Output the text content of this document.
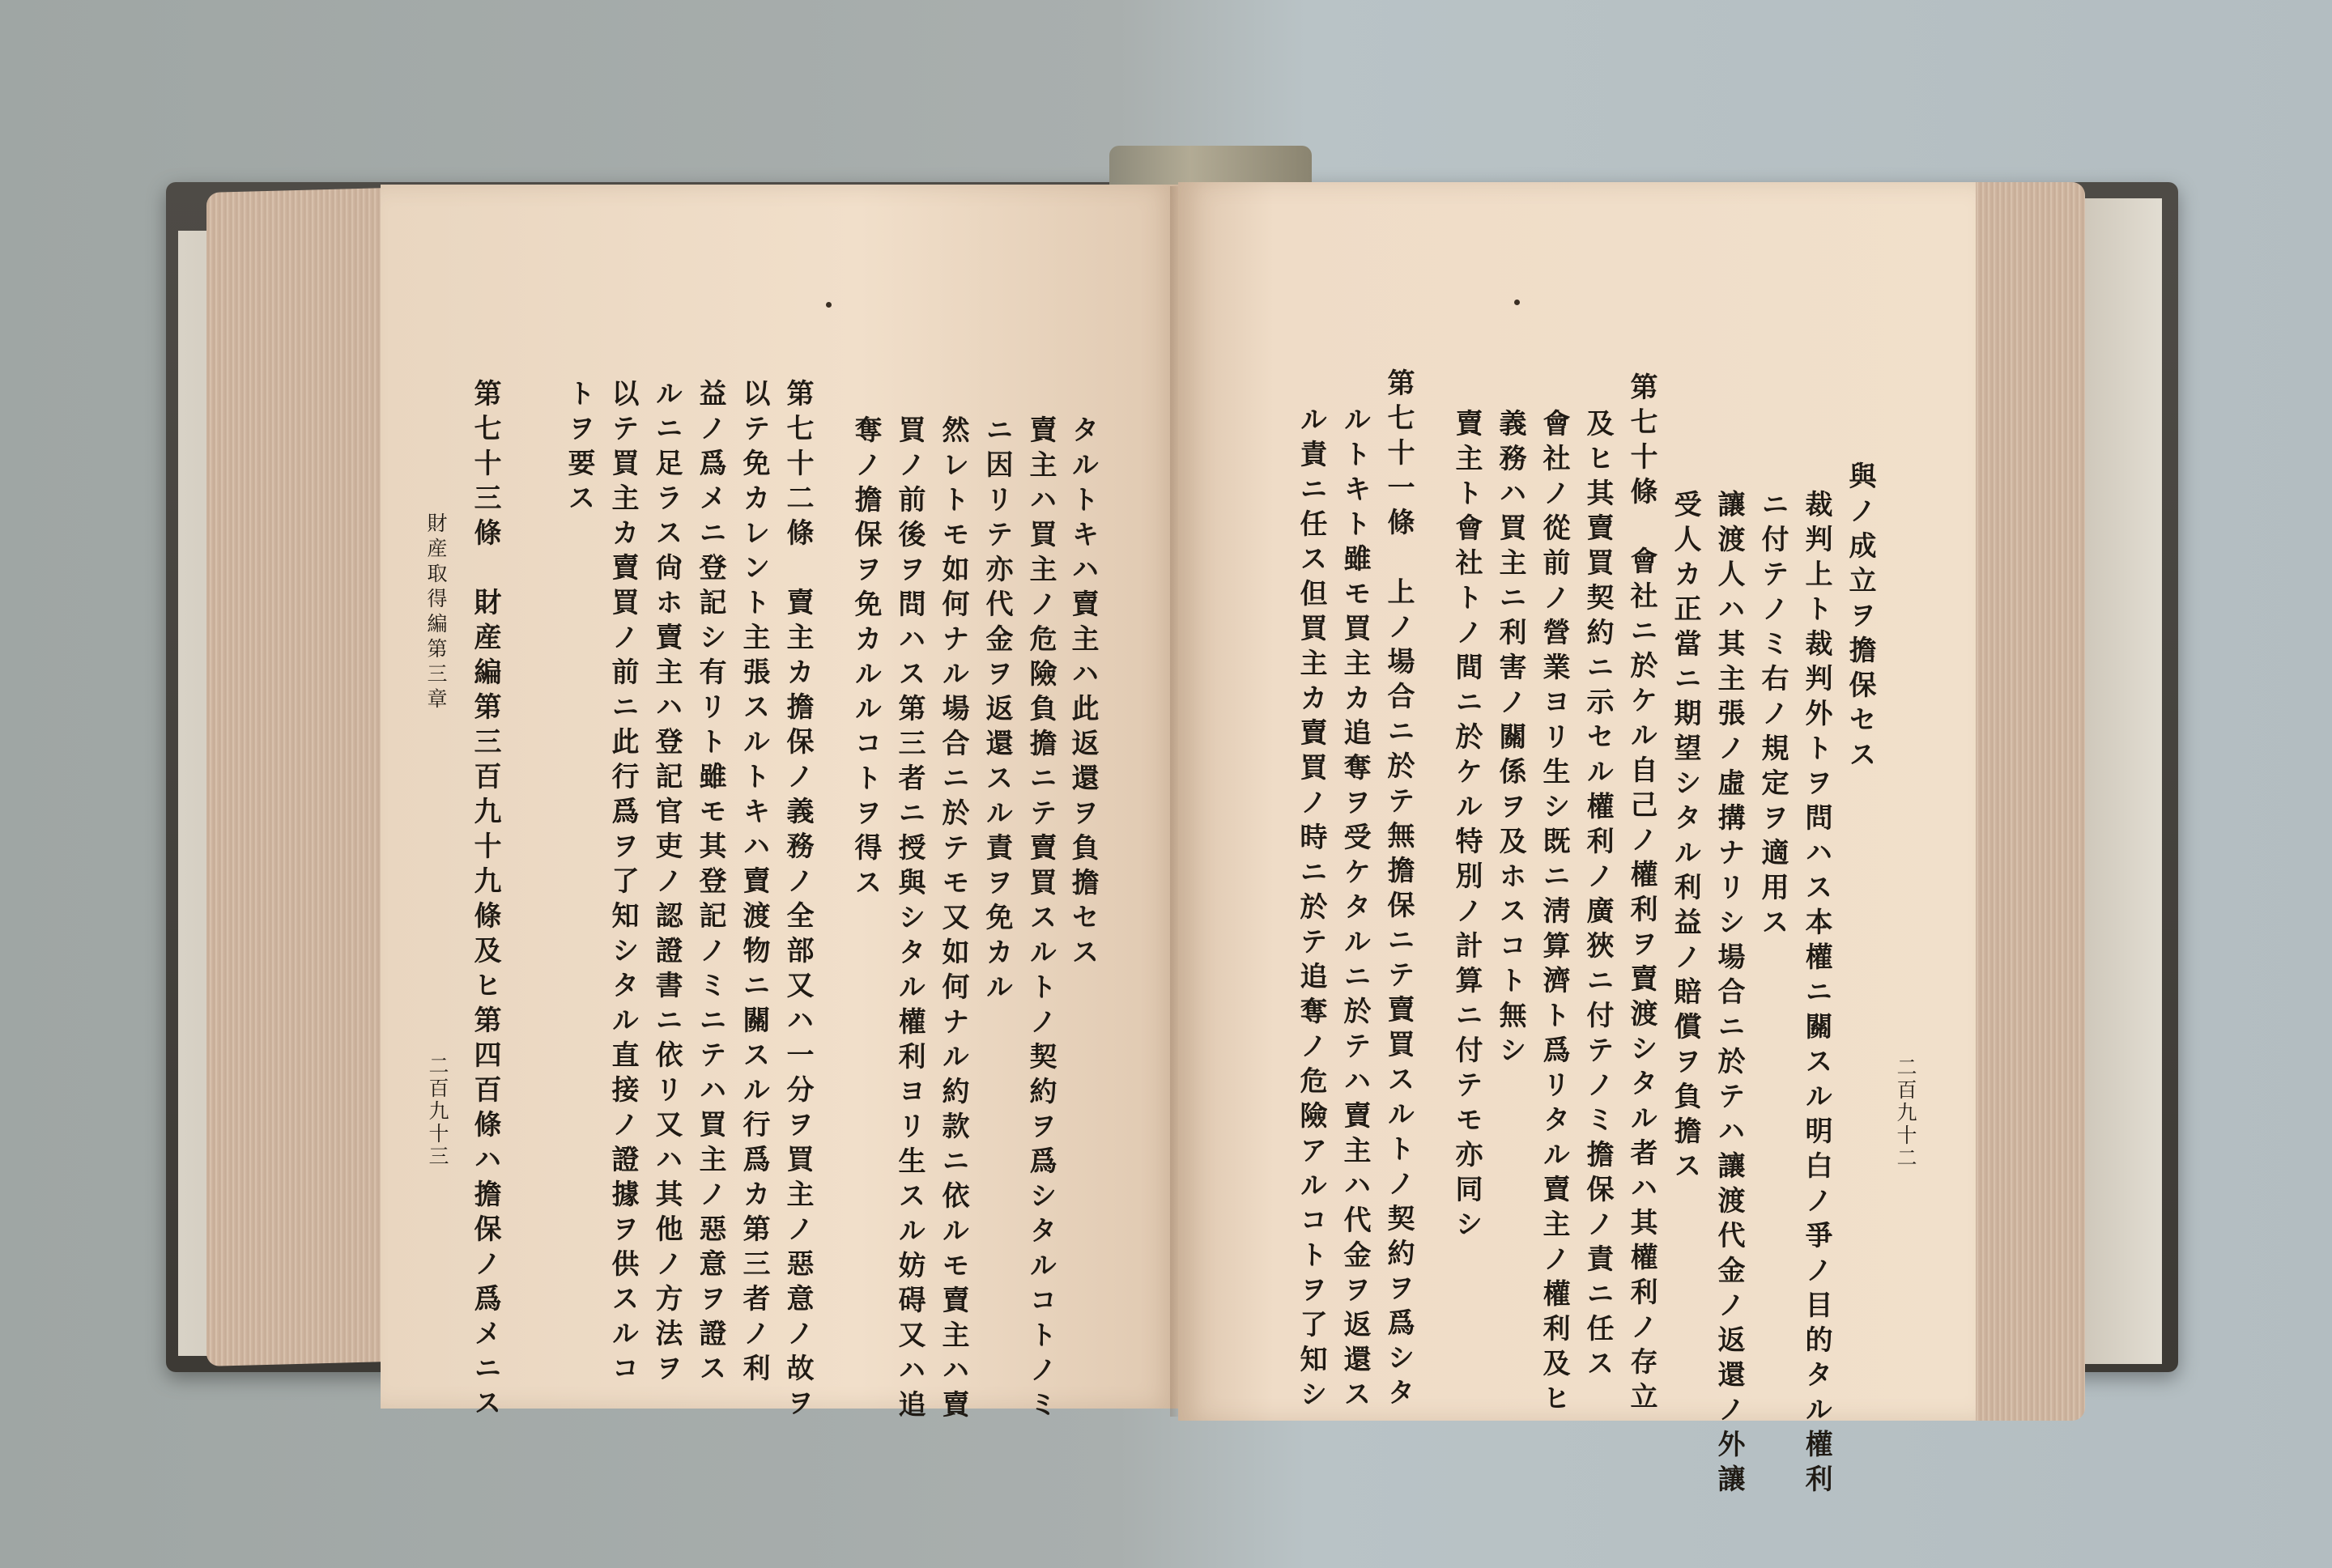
タルトキハ賣主ハ此返還ヲ負擔セス
賣主ハ買主ノ危險負擔ニテ賣買スルトノ契約ヲ爲シタルコトノミ
ニ因リテ亦代金ヲ返還スル責ヲ免カル
然レトモ如何ナル場合ニ於テモ又如何ナル約款ニ依ルモ賣主ハ賣
買ノ前後ヲ問ハス第三者ニ授與シタル權利ヨリ生スル妨碍又ハ追
奪ノ擔保ヲ免カルルコトヲ得ス
第七十二條　賣主カ擔保ノ義務ノ全部又ハ一分ヲ買主ノ惡意ノ故ヲ
以テ免カレント主張スルトキハ賣渡物ニ關スル行爲カ第三者ノ利
益ノ爲メニ登記シ有リト雖モ其登記ノミニテハ買主ノ惡意ヲ證ス
ルニ足ラス尙ホ賣主ハ登記官吏ノ認證書ニ依リ又ハ其他ノ方法ヲ
以テ買主カ賣買ノ前ニ此行爲ヲ了知シタル直接ノ證據ヲ供スルコ
トヲ要ス
第七十三條　財産編第三百九十九條及ヒ第四百條ハ擔保ノ爲メニス
財産取得編第三章
二百九十三	二百九十二
與ノ成立ヲ擔保セス
裁判上ト裁判外トヲ問ハス本權ニ關スル明白ノ爭ノ目的タル權利
ニ付テノミ右ノ規定ヲ適用ス
讓渡人ハ其主張ノ虛搆ナリシ場合ニ於テハ讓渡代金ノ返還ノ外讓
受人カ正當ニ期望シタル利益ノ賠償ヲ負擔ス
第七十條　會社ニ於ケル自己ノ權利ヲ賣渡シタル者ハ其權利ノ存立
及ヒ其賣買契約ニ示セル權利ノ廣狹ニ付テノミ擔保ノ責ニ任ス
會社ノ從前ノ營業ヨリ生シ既ニ淸算濟ト爲リタル賣主ノ權利及ヒ
義務ハ買主ニ利害ノ關係ヲ及ホスコト無シ
賣主ト會社トノ間ニ於ケル特別ノ計算ニ付テモ亦同シ
第七十一條　上ノ場合ニ於テ無擔保ニテ賣買スルトノ契約ヲ爲シタ
ルトキト雖モ買主カ追奪ヲ受ケタルニ於テハ賣主ハ代金ヲ返還ス
ル責ニ任ス但買主カ賣買ノ時ニ於テ追奪ノ危險アルコトヲ了知シ
